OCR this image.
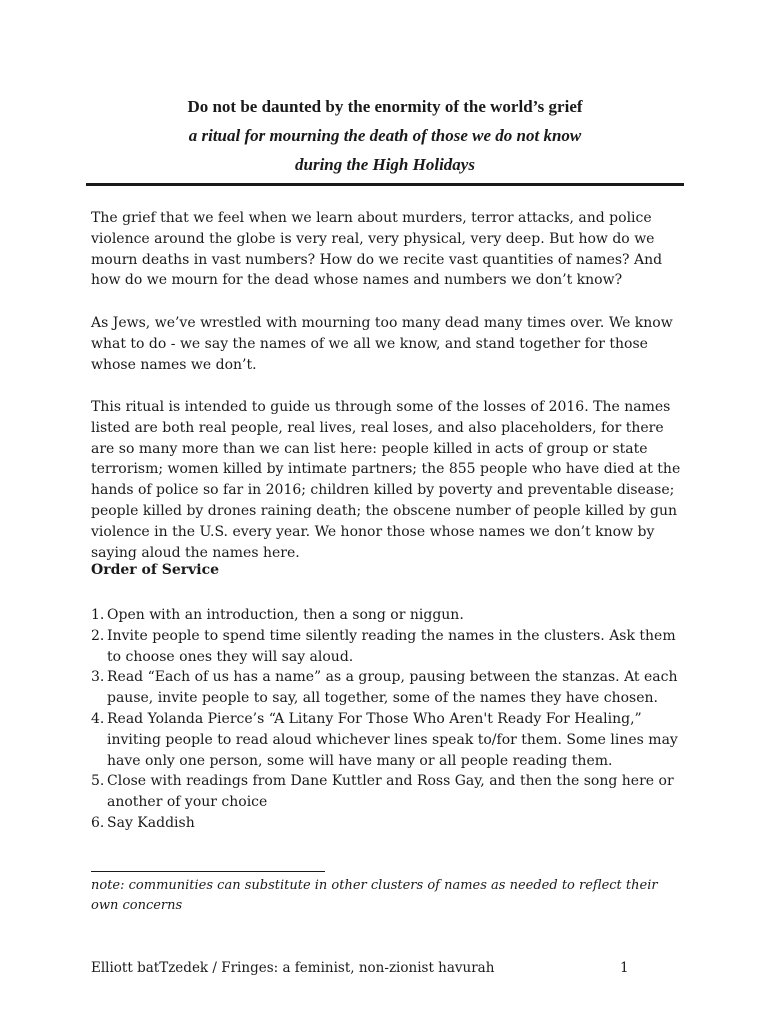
Do not be daunted by the enormity of the world’s grief
a ritual for mourning the death of those we do not know
during the High Holidays

The grief that we feel when we learn about murders, terror attacks, and police violence around the globe is very real, very physical, very deep. But how do we mourn deaths in vast numbers? How do we recite vast quantities of names? And how do we mourn for the dead whose names and numbers we don’t know?

As Jews, we’ve wrestled with mourning too many dead many times over. We know what to do - we say the names of we all we know, and stand together for those whose names we don’t.

This ritual is intended to guide us through some of the losses of 2016. The names listed are both real people, real lives, real loses, and also placeholders, for there are so many more than we can list here: people killed in acts of group or state terrorism; women killed by intimate partners; the 855 people who have died at the hands of police so far in 2016; children killed by poverty and preventable disease; people killed by drones raining death; the obscene number of people killed by gun violence in the U.S. every year. We honor those whose names we don’t know by saying aloud the names here.

Order of Service
1. Open with an introduction, then a song or niggun.
2. Invite people to spend time silently reading the names in the clusters. Ask them to choose ones they will say aloud.
3. Read “Each of us has a name” as a group, pausing between the stanzas. At each pause, invite people to say, all together, some of the names they have chosen.
4. Read Yolanda Pierce’s “A Litany For Those Who Aren't Ready For Healing,” inviting people to read aloud whichever lines speak to/for them. Some lines may have only one person, some will have many or all people reading them.
5. Close with readings from Dane Kuttler and Ross Gay, and then the song here or another of your choice
6. Say Kaddish
note: communities can substitute in other clusters of names as needed to reflect their own concerns
Elliott batTzedek / Fringes: a feminist, non-zionist havurah	1
